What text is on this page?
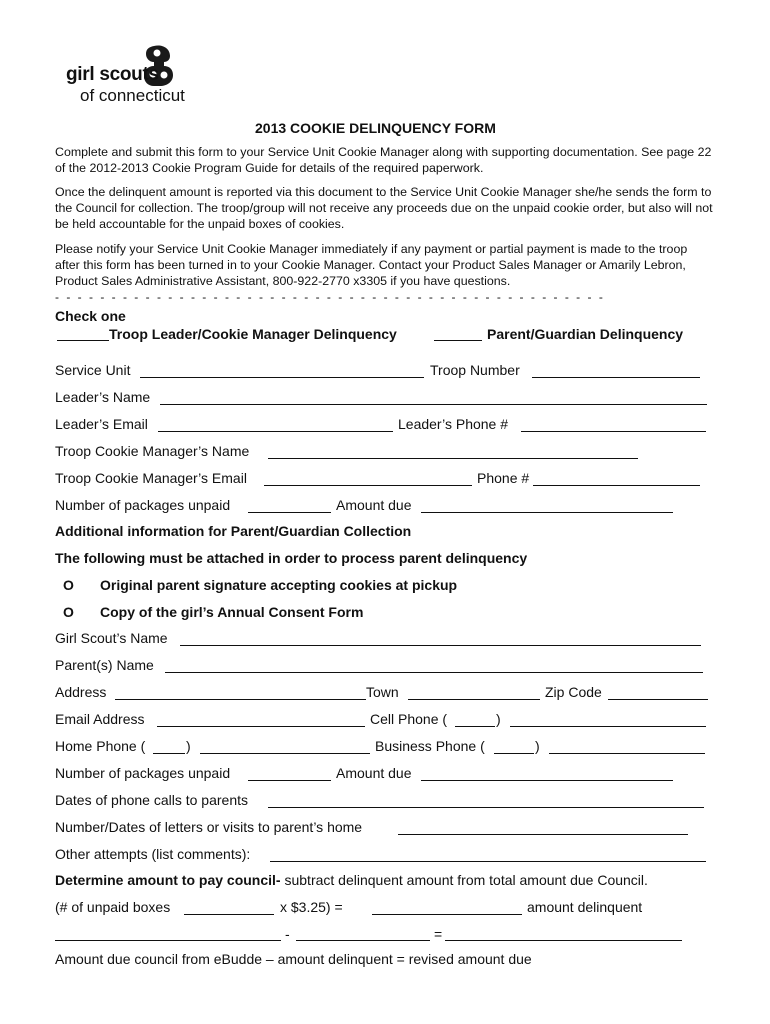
girl scouts
of connecticut
2013 COOKIE DELINQUENCY FORM
Complete and submit this form to your Service Unit Cookie Manager along with supporting documentation. See page 22 of the 2012-2013 Cookie Program Guide for details of the required paperwork.
Once the delinquent amount is reported via this document to the Service Unit Cookie Manager she/he sends the form to the Council for collection. The troop/group will not receive any proceeds due on the unpaid cookie order, but also will not be held accountable for the unpaid boxes of cookies.
Please notify your Service Unit Cookie Manager immediately if any payment or partial payment is made to the troop after this form has been turned in to your Cookie Manager. Contact your Product Sales Manager or Amarily Lebron, Product Sales Administrative Assistant, 800-922-2770 x3305 if you have questions.
- - - - - - - - - - - - - - - - - - - - - - - - - - - - - - - - - - - - - - - - - - - - - - - - -
Check one
Troop Leader/Cookie Manager Delinquency	Parent/Guardian Delinquency
Service Unit	Troop Number
Leader’s Name
Leader’s Email	Leader’s Phone #
Troop Cookie Manager’s Name
Troop Cookie Manager’s Email	Phone #
Number of packages unpaid	Amount due
Additional information for Parent/Guardian Collection
The following must be attached in order to process parent delinquency
O Original parent signature accepting cookies at pickup
O Copy of the girl’s Annual Consent Form
Girl Scout’s Name
Parent(s) Name
Address	Town	Zip Code
Email Address	Cell Phone (	)
Home Phone (	)	Business Phone (	)
Number of packages unpaid	Amount due
Dates of phone calls to parents
Number/Dates of letters or visits to parent’s home
Other attempts (list comments):
Determine amount to pay council- subtract delinquent amount from total amount due Council.
(# of unpaid boxes	x $3.25) =	amount delinquent
-	=
Amount due council from eBudde – amount delinquent = revised amount due
